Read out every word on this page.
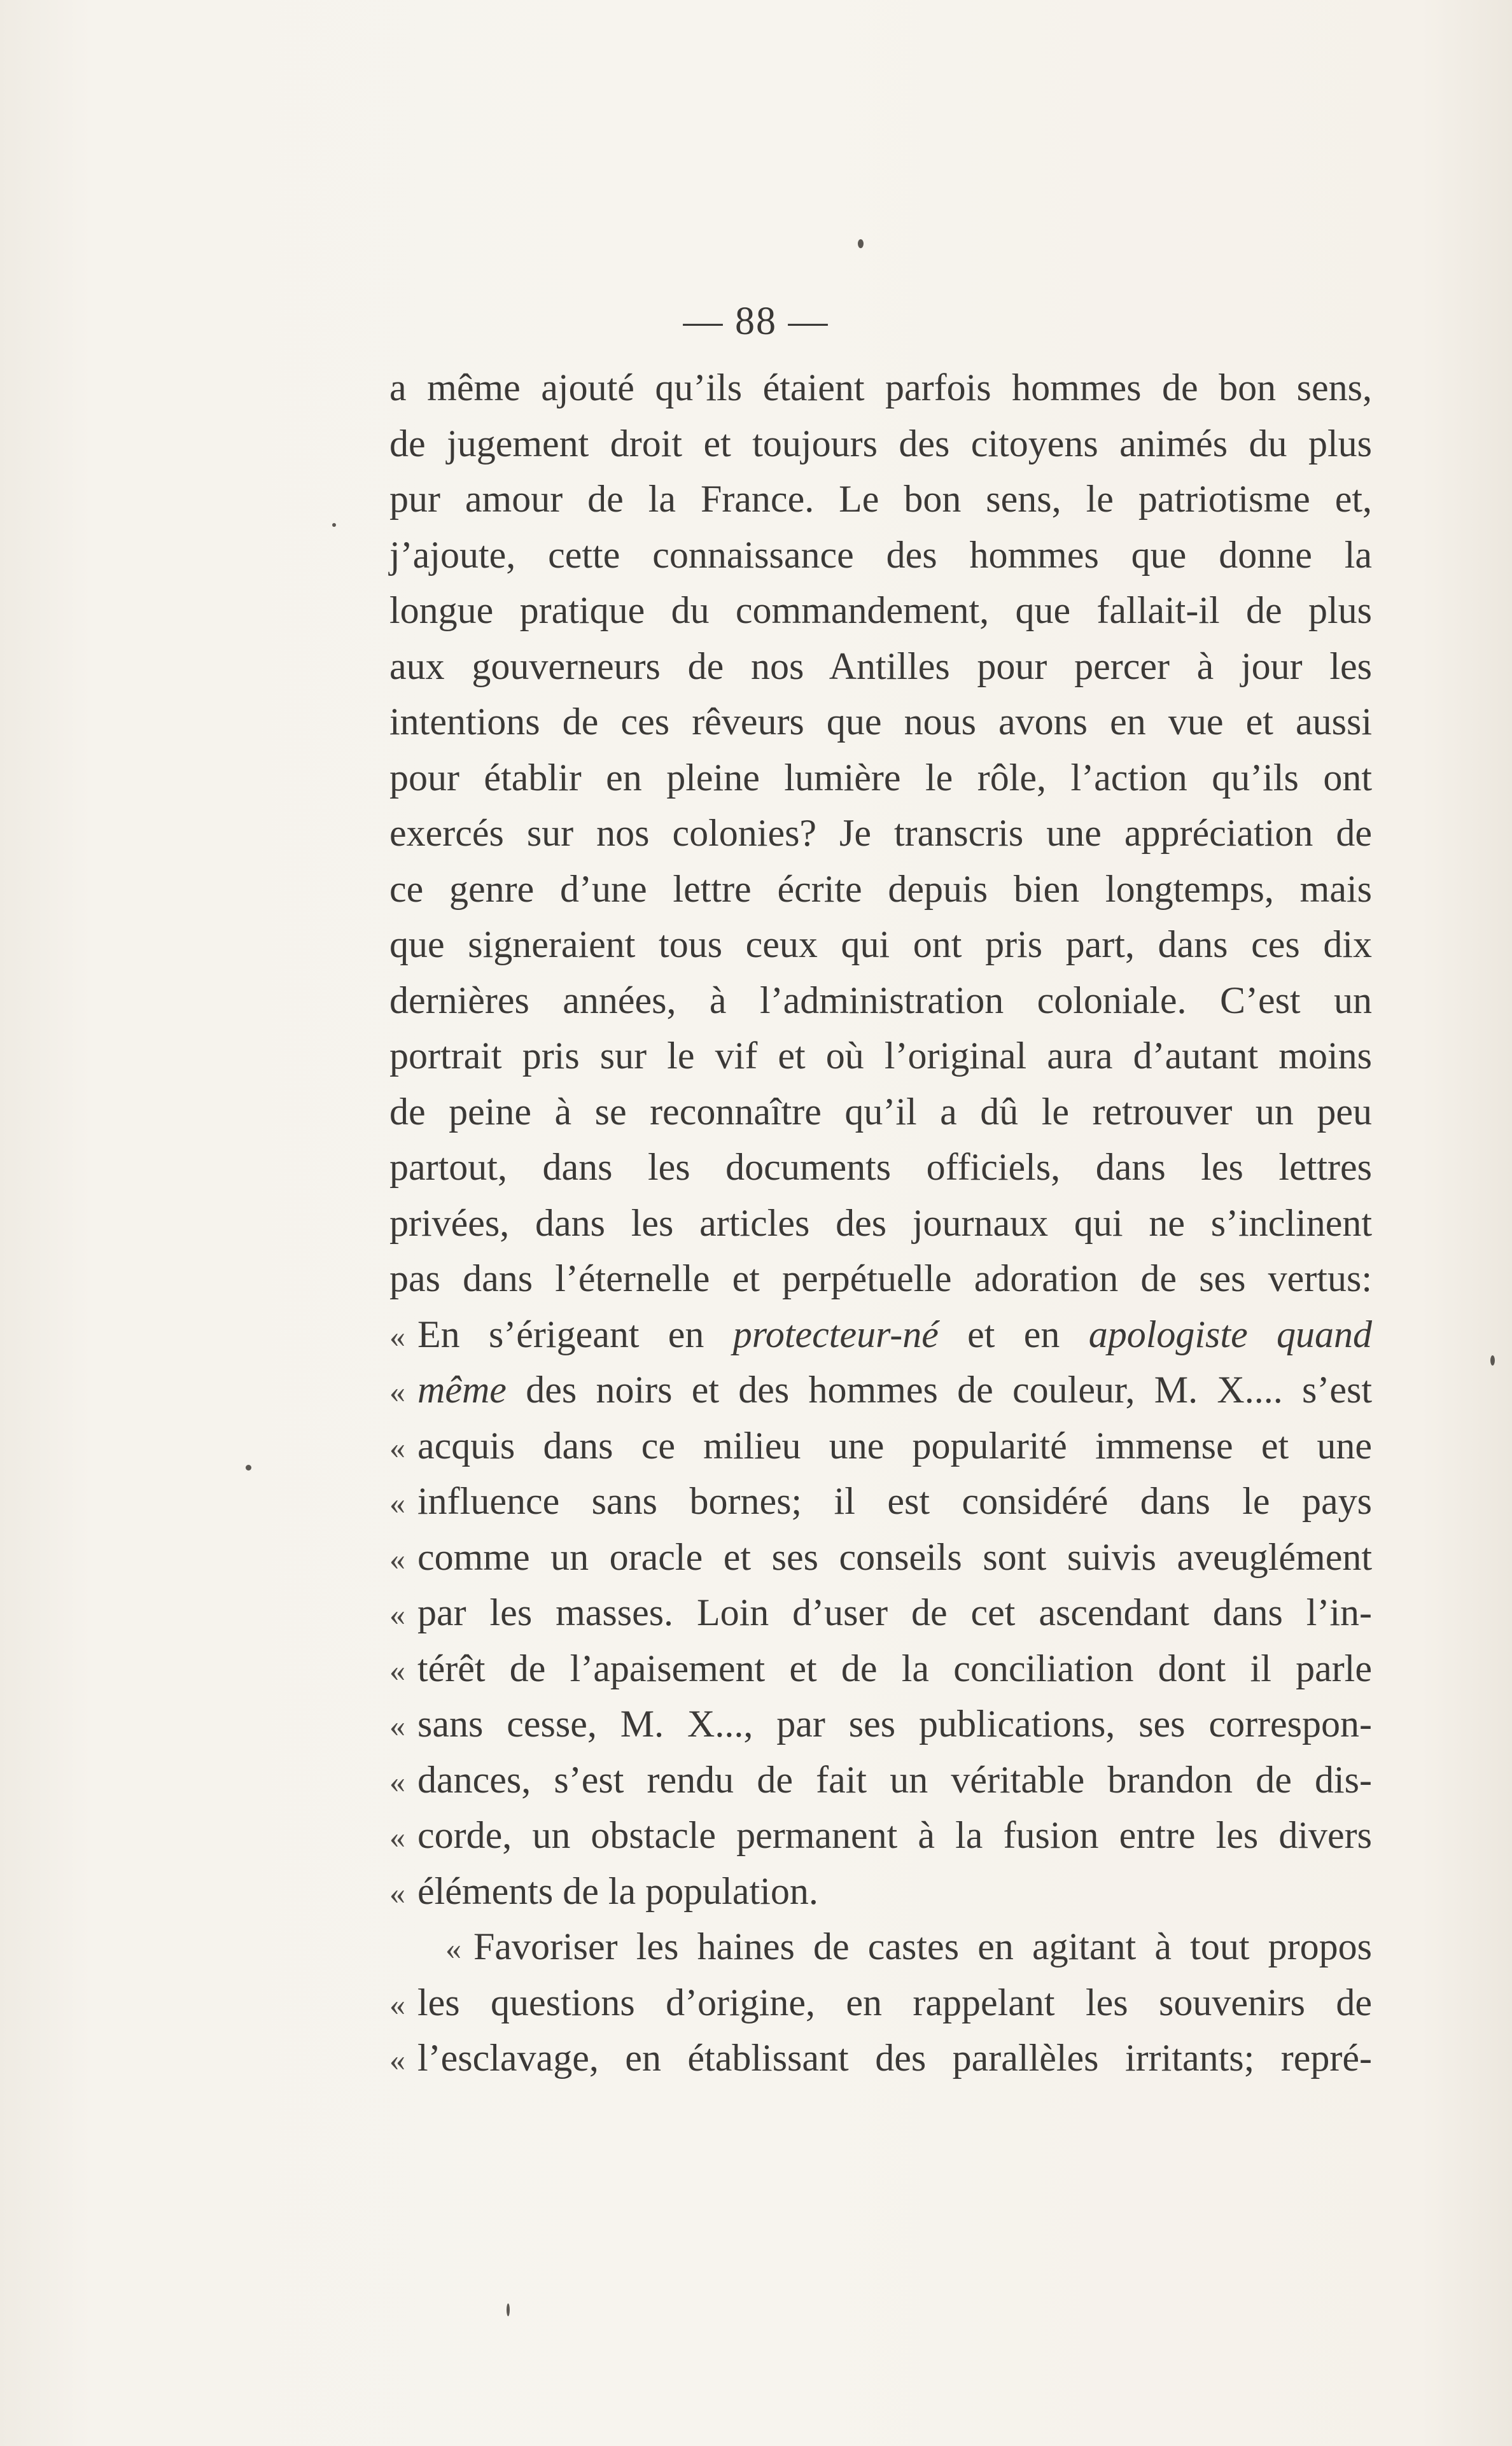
— 88 —
a même ajouté qu’ils étaient parfois hommes de bon sens,
de jugement droit et toujours des citoyens animés du plus
pur amour de la France. Le bon sens, le patriotisme et,
j’ajoute, cette connaissance des hommes que donne la
longue pratique du commandement, que fallait-il de plus
aux gouverneurs de nos Antilles pour percer à jour les
intentions de ces rêveurs que nous avons en vue et aussi
pour établir en pleine lumière le rôle, l’action qu’ils ont
exercés sur nos colonies? Je transcris une appréciation de
ce genre d’une lettre écrite depuis bien longtemps, mais
que signeraient tous ceux qui ont pris part, dans ces dix
dernières années, à l’administration coloniale. C’est un
portrait pris sur le vif et où l’original aura d’autant moins
de peine à se reconnaître qu’il a dû le retrouver un peu
partout, dans les documents officiels, dans les lettres
privées, dans les articles des journaux qui ne s’inclinent
pas dans l’éternelle et perpétuelle adoration de ses vertus:
« En s’érigeant en protecteur-né et en apologiste quand
« même des noirs et des hommes de couleur, M. X.... s’est
« acquis dans ce milieu une popularité immense et une
« influence sans bornes; il est considéré dans le pays
« comme un oracle et ses conseils sont suivis aveuglément
« par les masses. Loin d’user de cet ascendant dans l’in-
« térêt de l’apaisement et de la conciliation dont il parle
« sans cesse, M. X..., par ses publications, ses correspon-
« dances, s’est rendu de fait un véritable brandon de dis-
« corde, un obstacle permanent à la fusion entre les divers
« éléments de la population.
« Favoriser les haines de castes en agitant à tout propos
« les questions d’origine, en rappelant les souvenirs de
« l’esclavage, en établissant des parallèles irritants; repré-
